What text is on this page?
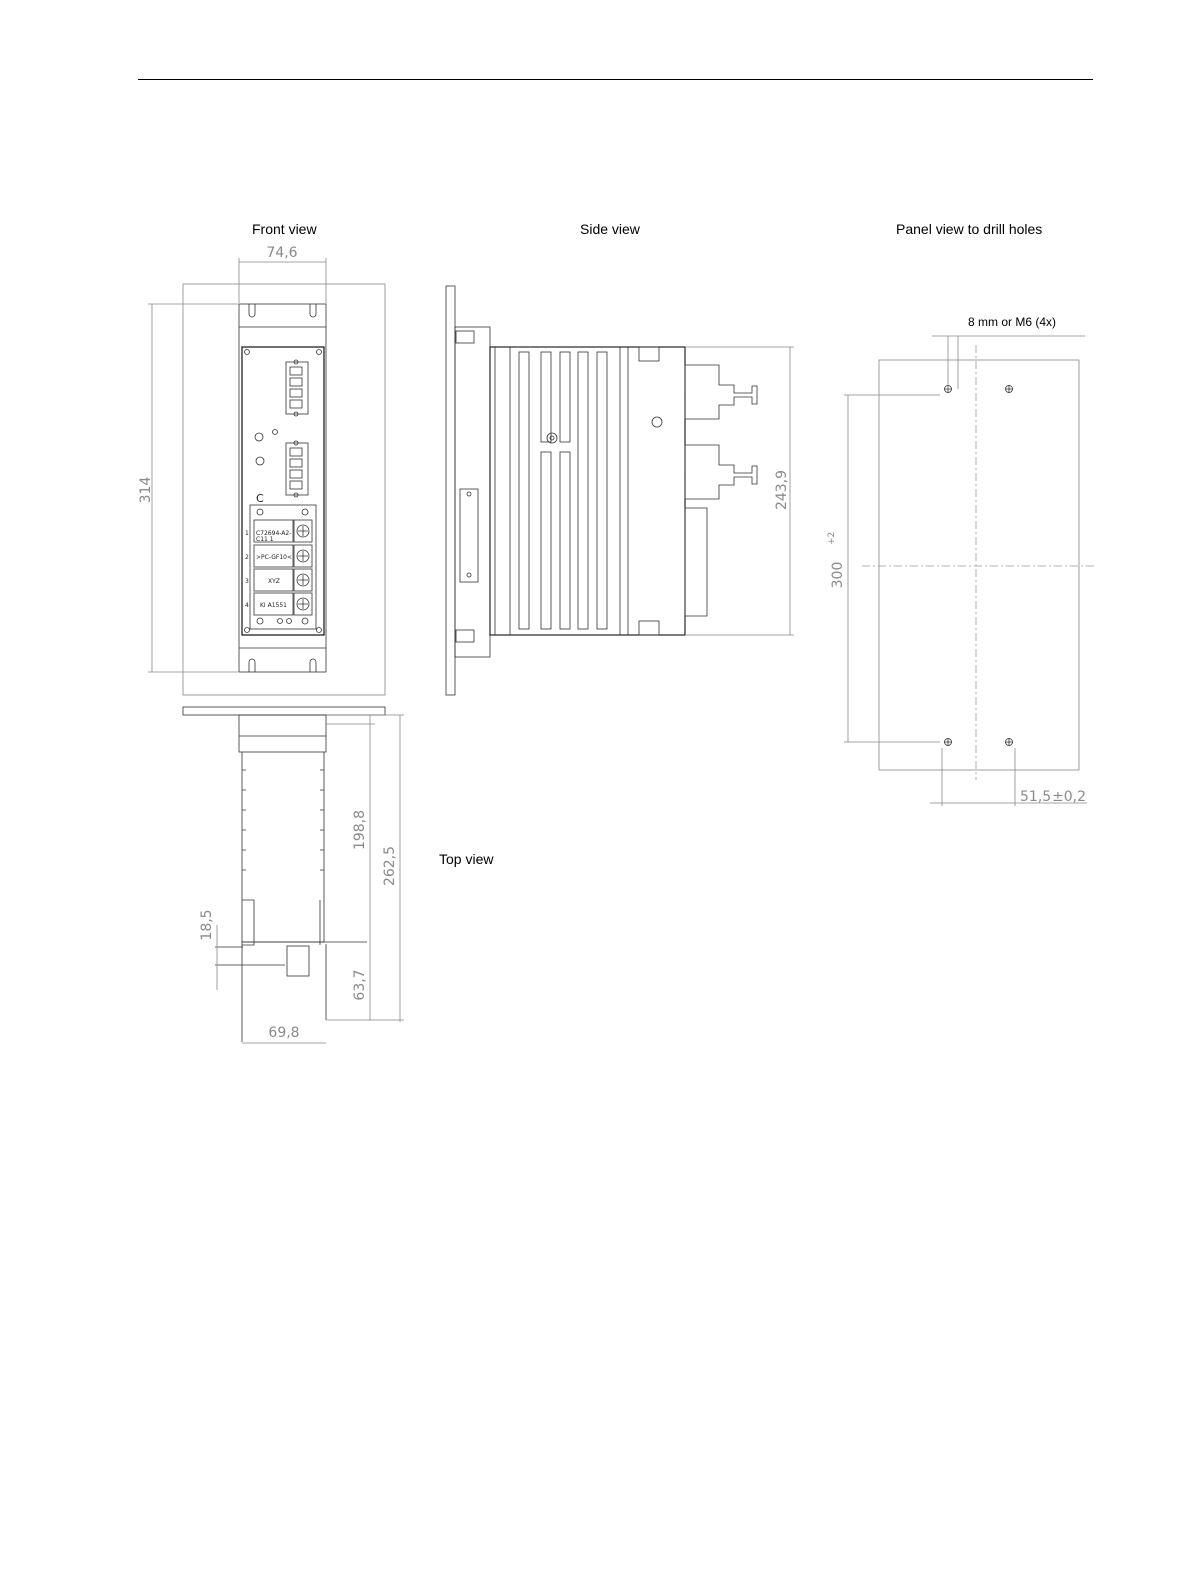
Front view	Side view	Panel view to drill holes
Top view
74,6
314	C
1
2
3
4
C72694-A2-
C11 1
>PC-GF10<
XYZ
KI A1551
243,9
8 mm or M6 (4x)
300
+2
51,5 ±0,2
198,8
262,5
18,5
63,7
69,8
